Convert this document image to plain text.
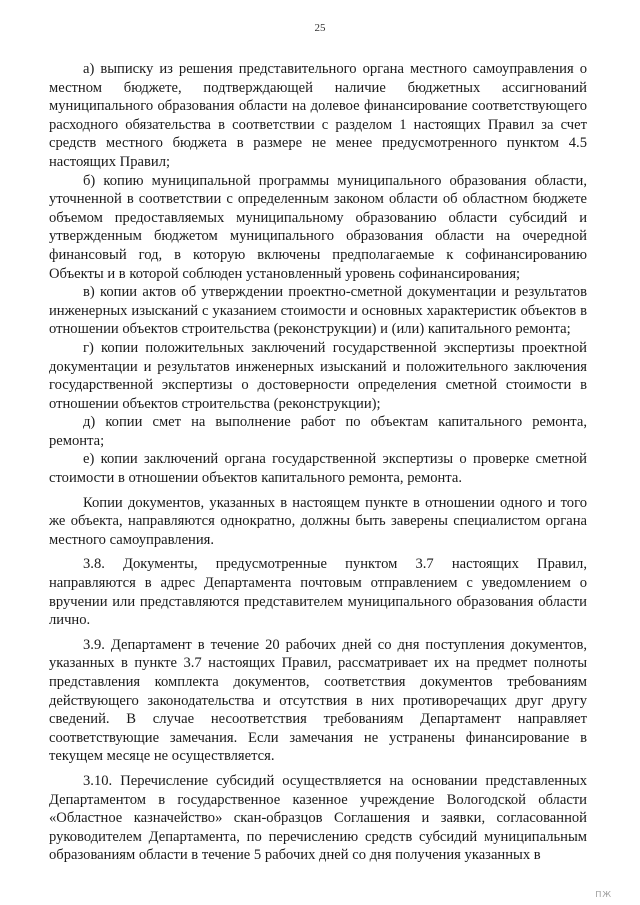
25

а) выписку из решения представительного органа местного самоуправления о местном бюджете, подтверждающей наличие бюджетных ассигнований муниципального образования области на долевое финансирование соответствующего расходного обязательства в соответствии с разделом 1 настоящих Правил за счет средств местного бюджета в размере не менее предусмотренного пунктом 4.5 настоящих Правил;

б) копию муниципальной программы муниципального образования области, уточненной в соответствии с определенным законом области об областном бюджете объемом предоставляемых муниципальному образованию области субсидий и утвержденным бюджетом муниципального образования области на очередной финансовый год, в которую включены предполагаемые к софинансированию Объекты и в которой соблюден установленный уровень софинансирования;

в) копии актов об утверждении проектно-сметной документации и результатов инженерных изысканий с указанием стоимости и основных характеристик объектов в отношении объектов строительства (реконструкции) и (или) капитального ремонта;

г) копии положительных заключений государственной экспертизы проектной документации и результатов инженерных изысканий и положительного заключения государственной экспертизы о достоверности определения сметной стоимости в отношении объектов строительства (реконструкции);

д) копии смет на выполнение работ по объектам капитального ремонта, ремонта;

е) копии заключений органа государственной экспертизы о проверке сметной стоимости в отношении объектов капитального ремонта, ремонта.

Копии документов, указанных в настоящем пункте в отношении одного и того же объекта, направляются однократно, должны быть заверены специалистом органа местного самоуправления.

3.8. Документы, предусмотренные пунктом 3.7 настоящих Правил, направляются в адрес Департамента почтовым отправлением с уведомлением о вручении или представляются представителем муниципального образования области лично.

3.9. Департамент в течение 20 рабочих дней со дня поступления документов, указанных в пункте 3.7 настоящих Правил, рассматривает их на предмет полноты представления комплекта документов, соответствия документов требованиям действующего законодательства и отсутствия в них противоречащих друг другу сведений. В случае несоответствия требованиям Департамент направляет соответствующие замечания. Если замечания не устранены финансирование в текущем месяце не осуществляется.

3.10. Перечисление субсидий осуществляется на основании представленных Департаментом в государственное казенное учреждение Вологодской области «Областное казначейство» скан-образцов Соглашения и заявки, согласованной руководителем Департамента, по перечислению средств субсидий муниципальным образованиям области в течение 5 рабочих дней со дня получения указанных в

ПЖ
